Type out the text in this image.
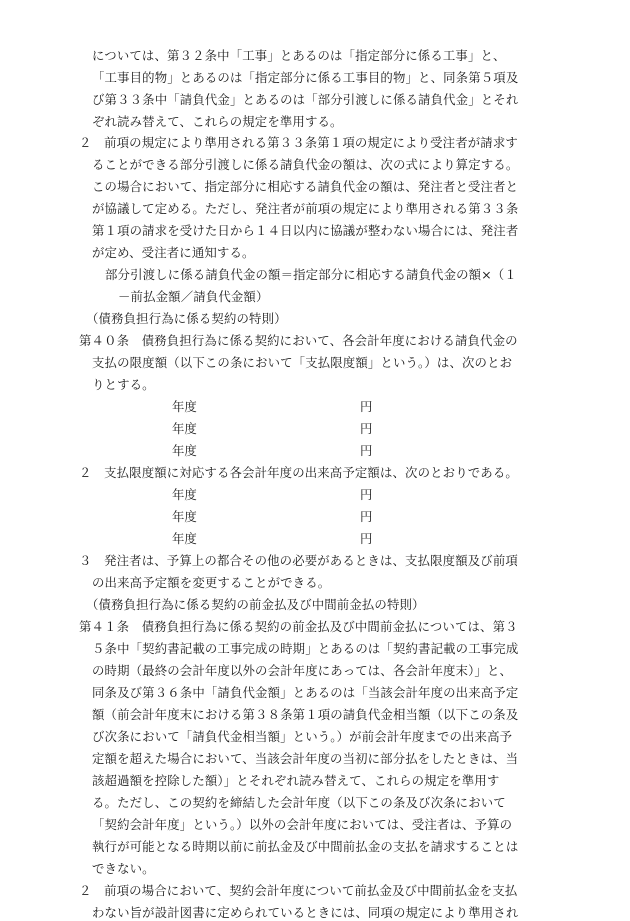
については、第３２条中「工事」とあるのは「指定部分に係る工事」と、
「工事目的物」とあるのは「指定部分に係る工事目的物」と、同条第５項及
び第３３条中「請負代金」とあるのは「部分引渡しに係る請負代金」とそれ
ぞれ読み替えて、これらの規定を準用する。
２　前項の規定により準用される第３３条第１項の規定により受注者が請求す
ることができる部分引渡しに係る請負代金の額は、次の式により算定する。
この場合において、指定部分に相応する請負代金の額は、発注者と受注者と
が協議して定める。ただし、発注者が前項の規定により準用される第３３条
第１項の請求を受けた日から１４日以内に協議が整わない場合には、発注者
が定め、受注者に通知する。
部分引渡しに係る請負代金の額＝指定部分に相応する請負代金の額×（１
－前払金額／請負代金額）
（債務負担行為に係る契約の特則）
第４０条　債務負担行為に係る契約において、各会計年度における請負代金の
支払の限度額（以下この条において「支払限度額」という。）は、次のとお
りとする。
年度	円
年度	円
年度	円
２　支払限度額に対応する各会計年度の出来高予定額は、次のとおりである。
年度	円
年度	円
年度	円
３　発注者は、予算上の都合その他の必要があるときは、支払限度額及び前項
の出来高予定額を変更することができる。
（債務負担行為に係る契約の前金払及び中間前金払の特則）
第４１条　債務負担行為に係る契約の前金払及び中間前金払については、第３
５条中「契約書記載の工事完成の時期」とあるのは「契約書記載の工事完成
の時期（最終の会計年度以外の会計年度にあっては、各会計年度末）」と、
同条及び第３６条中「請負代金額」とあるのは「当該会計年度の出来高予定
額（前会計年度末における第３８条第１項の請負代金相当額（以下この条及
び次条において「請負代金相当額」という。）が前会計年度までの出来高予
定額を超えた場合において、当該会計年度の当初に部分払をしたときは、当
該超過額を控除した額）」とそれぞれ読み替えて、これらの規定を準用す
る。ただし、この契約を締結した会計年度（以下この条及び次条において
「契約会計年度」という。）以外の会計年度においては、受注者は、予算の
執行が可能となる時期以前に前払金及び中間前払金の支払を請求することは
できない。
２　前項の場合において、契約会計年度について前払金及び中間前払金を支払
わない旨が設計図書に定められているときには、同項の規定により準用され
